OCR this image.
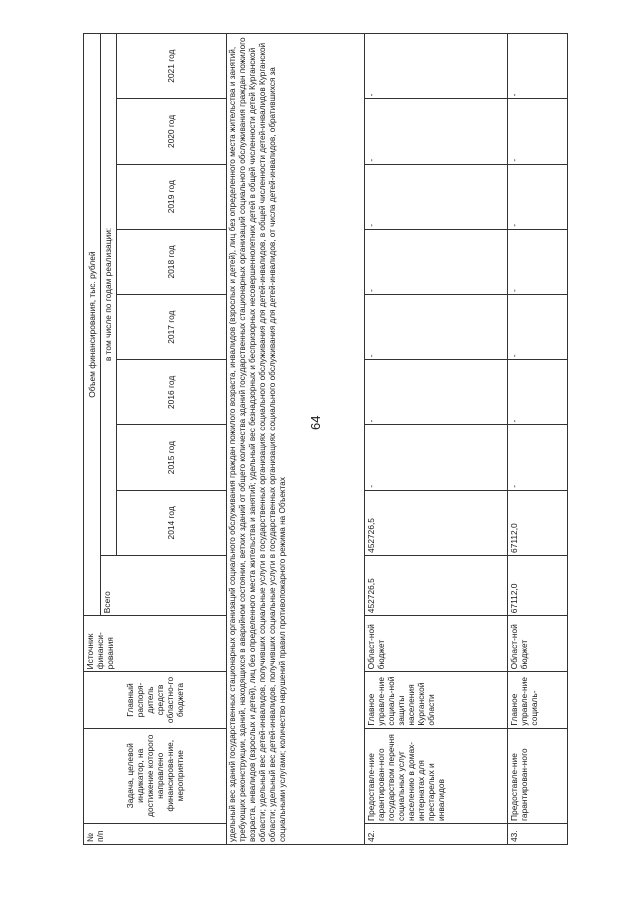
64
№ п/п	Задача, целевой индикатор, на достижение которого направлено финансирова-ние, мероприятие	Главный распоря-дитель средств областно-го бюджета	Источник финанси-рования	Объем финансирования, тыс. рублей								
				Всего	в том числе по годам реализации:							
					2014 год	2015 год	2016 год	2017 год	2018 год	2019 год	2020 год	2021 год
удельный вес зданий государственных стационарных организаций социального обслуживания граждан пожилого возраста, инвалидов (взрослых и детей), лиц без определенного места жительства и занятий, требующих реконструкции, зданий, находящихся в аварийном состоянии, ветхих зданий от общего количества зданий государственных стационарных организаций социального обслуживания граждан пожилого возраста, инвалидов (взрослых и детей), лиц без определенного места жительства и занятий; удельный вес безнадзорных и беспризорных несовершеннолетних детей в общей численности детей Курганской области; удельный вес детей-инвалидов, получивших социальные услуги в государственных организациях социального обслуживания для детей-инвалидов, в общей численности детей-инвалидов Курганской области; удельный вес детей-инвалидов, получивших социальные услуги в государственных организациях социального обслуживания для детей-инвалидов, от числа детей-инвалидов, обратившихся за социальными услугами; количество нарушений правил противопожарного режима на Объектах												
42.	Предоставле-ние гарантирован-ного государством перечня социальных услуг населению в домах-интернатах для престарелых и инвалидов	Главное управле-ние социаль-ной защиты населения Курганской области	Област-ной бюджет	452726,5	452726,5	-	-	-	-	-	-	-
43.	Предоставле-ние гарантирован-ного	Главное управле-ние социаль-	Област-ной бюджет	67112,0	67112,0	-	-	-	-	-	-	-
